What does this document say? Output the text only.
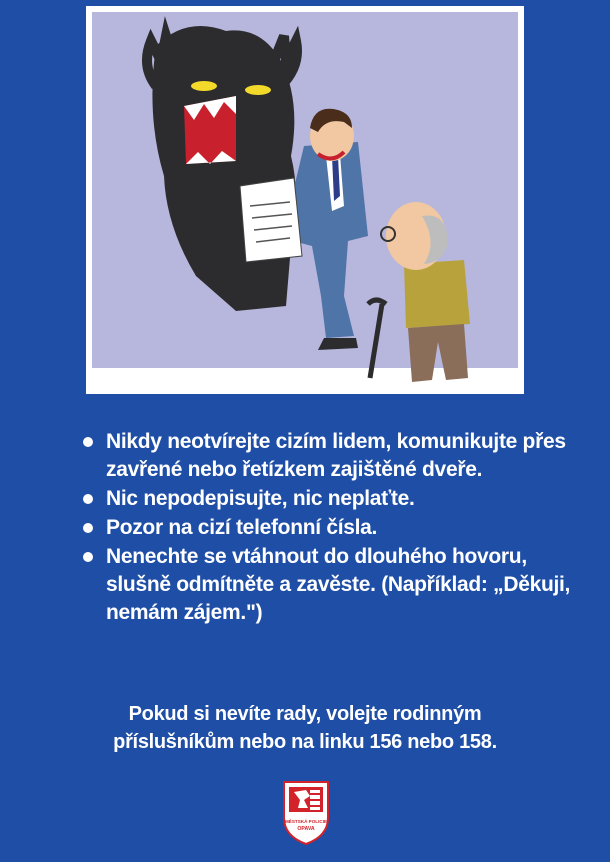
Nikdy neotvírejte cizím lidem, komunikujte přes zavřené nebo řetízkem zajištěné dveře.
Nic nepodepisujte, nic neplaťte.
Pozor na cizí telefonní čísla.
Nenechte se vtáhnout do dlouhého hovoru, slušně odmítněte a zavěste. (Například: „Děkuji, nemám zájem.")
Pokud si nevíte rady, volejte rodinným
příslušníkům nebo na linku 156 nebo 158.
MĚSTSKÁ POLICIE
OPAVA
